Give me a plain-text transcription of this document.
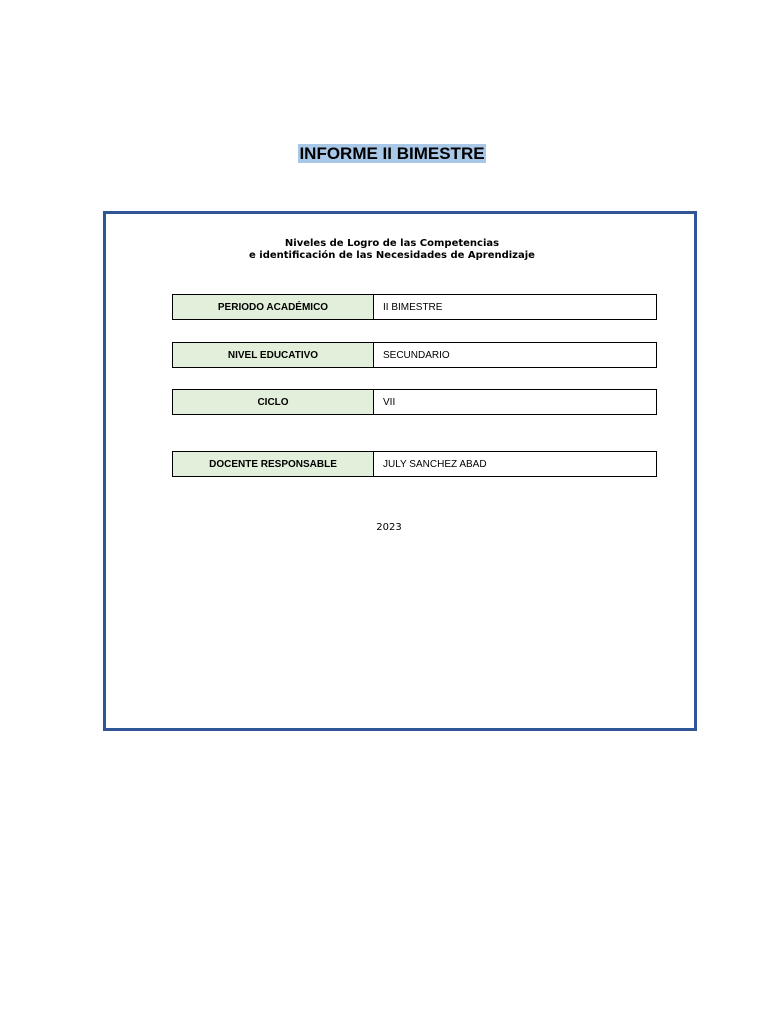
INFORME II BIMESTRE
Niveles de Logro de las Competencias
e identificación de las Necesidades de Aprendizaje
PERIODO ACADÉMICO	II BIMESTRE
NIVEL EDUCATIVO	SECUNDARIO
CICLO	VII
DOCENTE RESPONSABLE	JULY SANCHEZ ABAD
2023
